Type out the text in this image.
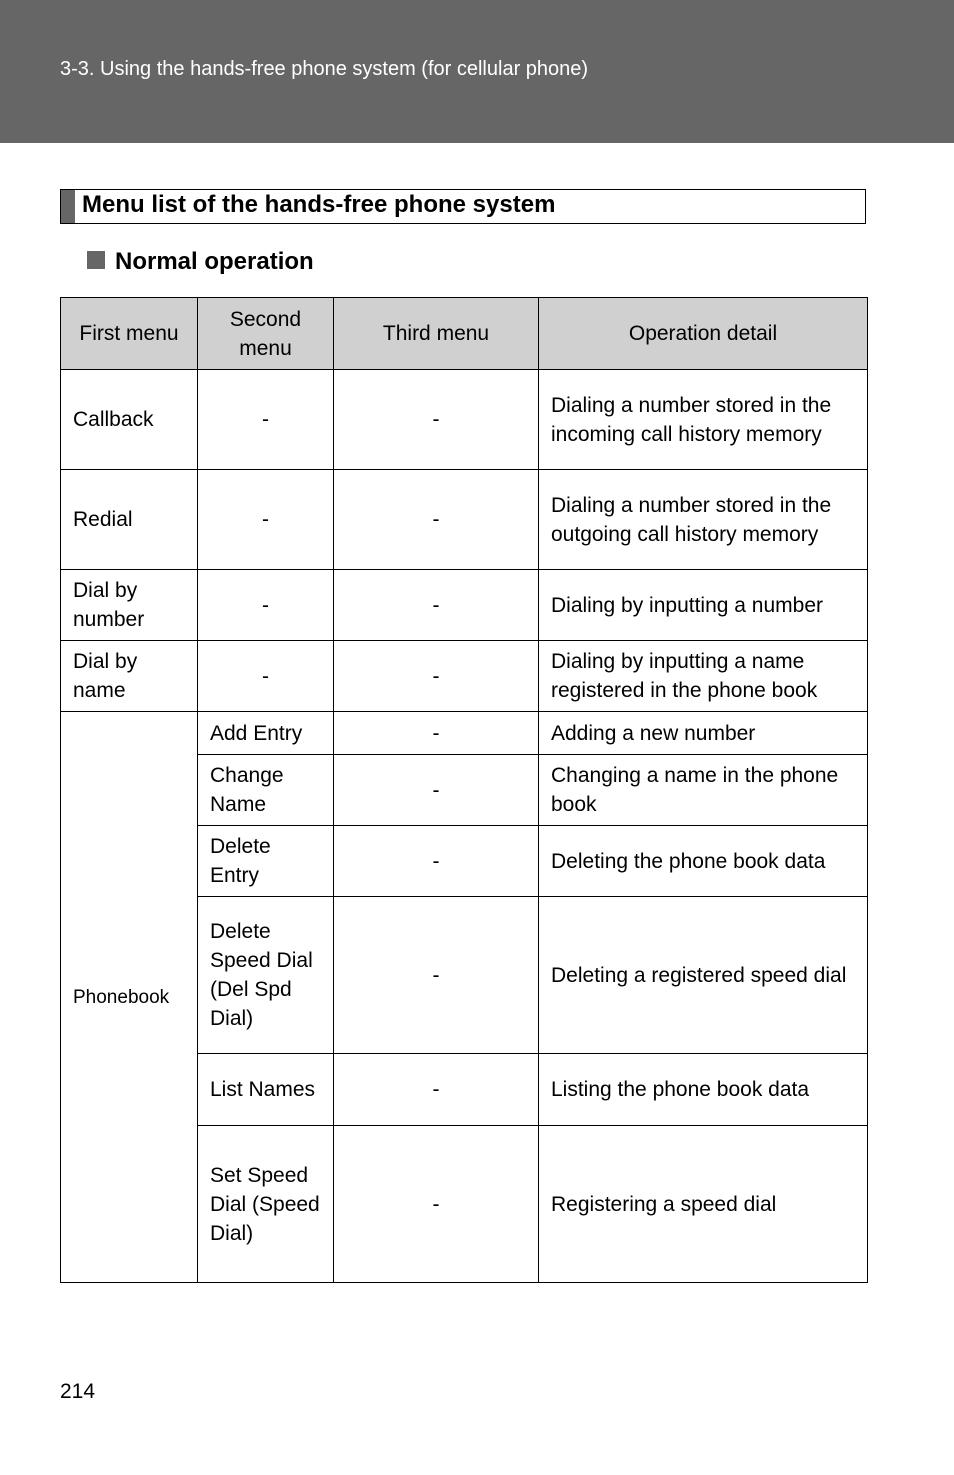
3-3. Using the hands-free phone system (for cellular phone)
Menu list of the hands-free phone system
Normal operation
First menu	Second menu	Third menu	Operation detail
Callback	-	-	Dialing a number stored in the incoming call history memory
Redial	-	-	Dialing a number stored in the outgoing call history memory
Dial by number	-	-	Dialing by inputting a number
Dial by name	-	-	Dialing by inputting a name registered in the phone book
Phonebook	Add Entry	-	Adding a new number
	Change Name	-	Changing a name in the phone book
	Delete Entry	-	Deleting the phone book data
	Delete Speed Dial (Del Spd Dial)	-	Deleting a registered speed dial
	List Names	-	Listing the phone book data
	Set Speed Dial (Speed Dial)	-	Registering a speed dial
214
